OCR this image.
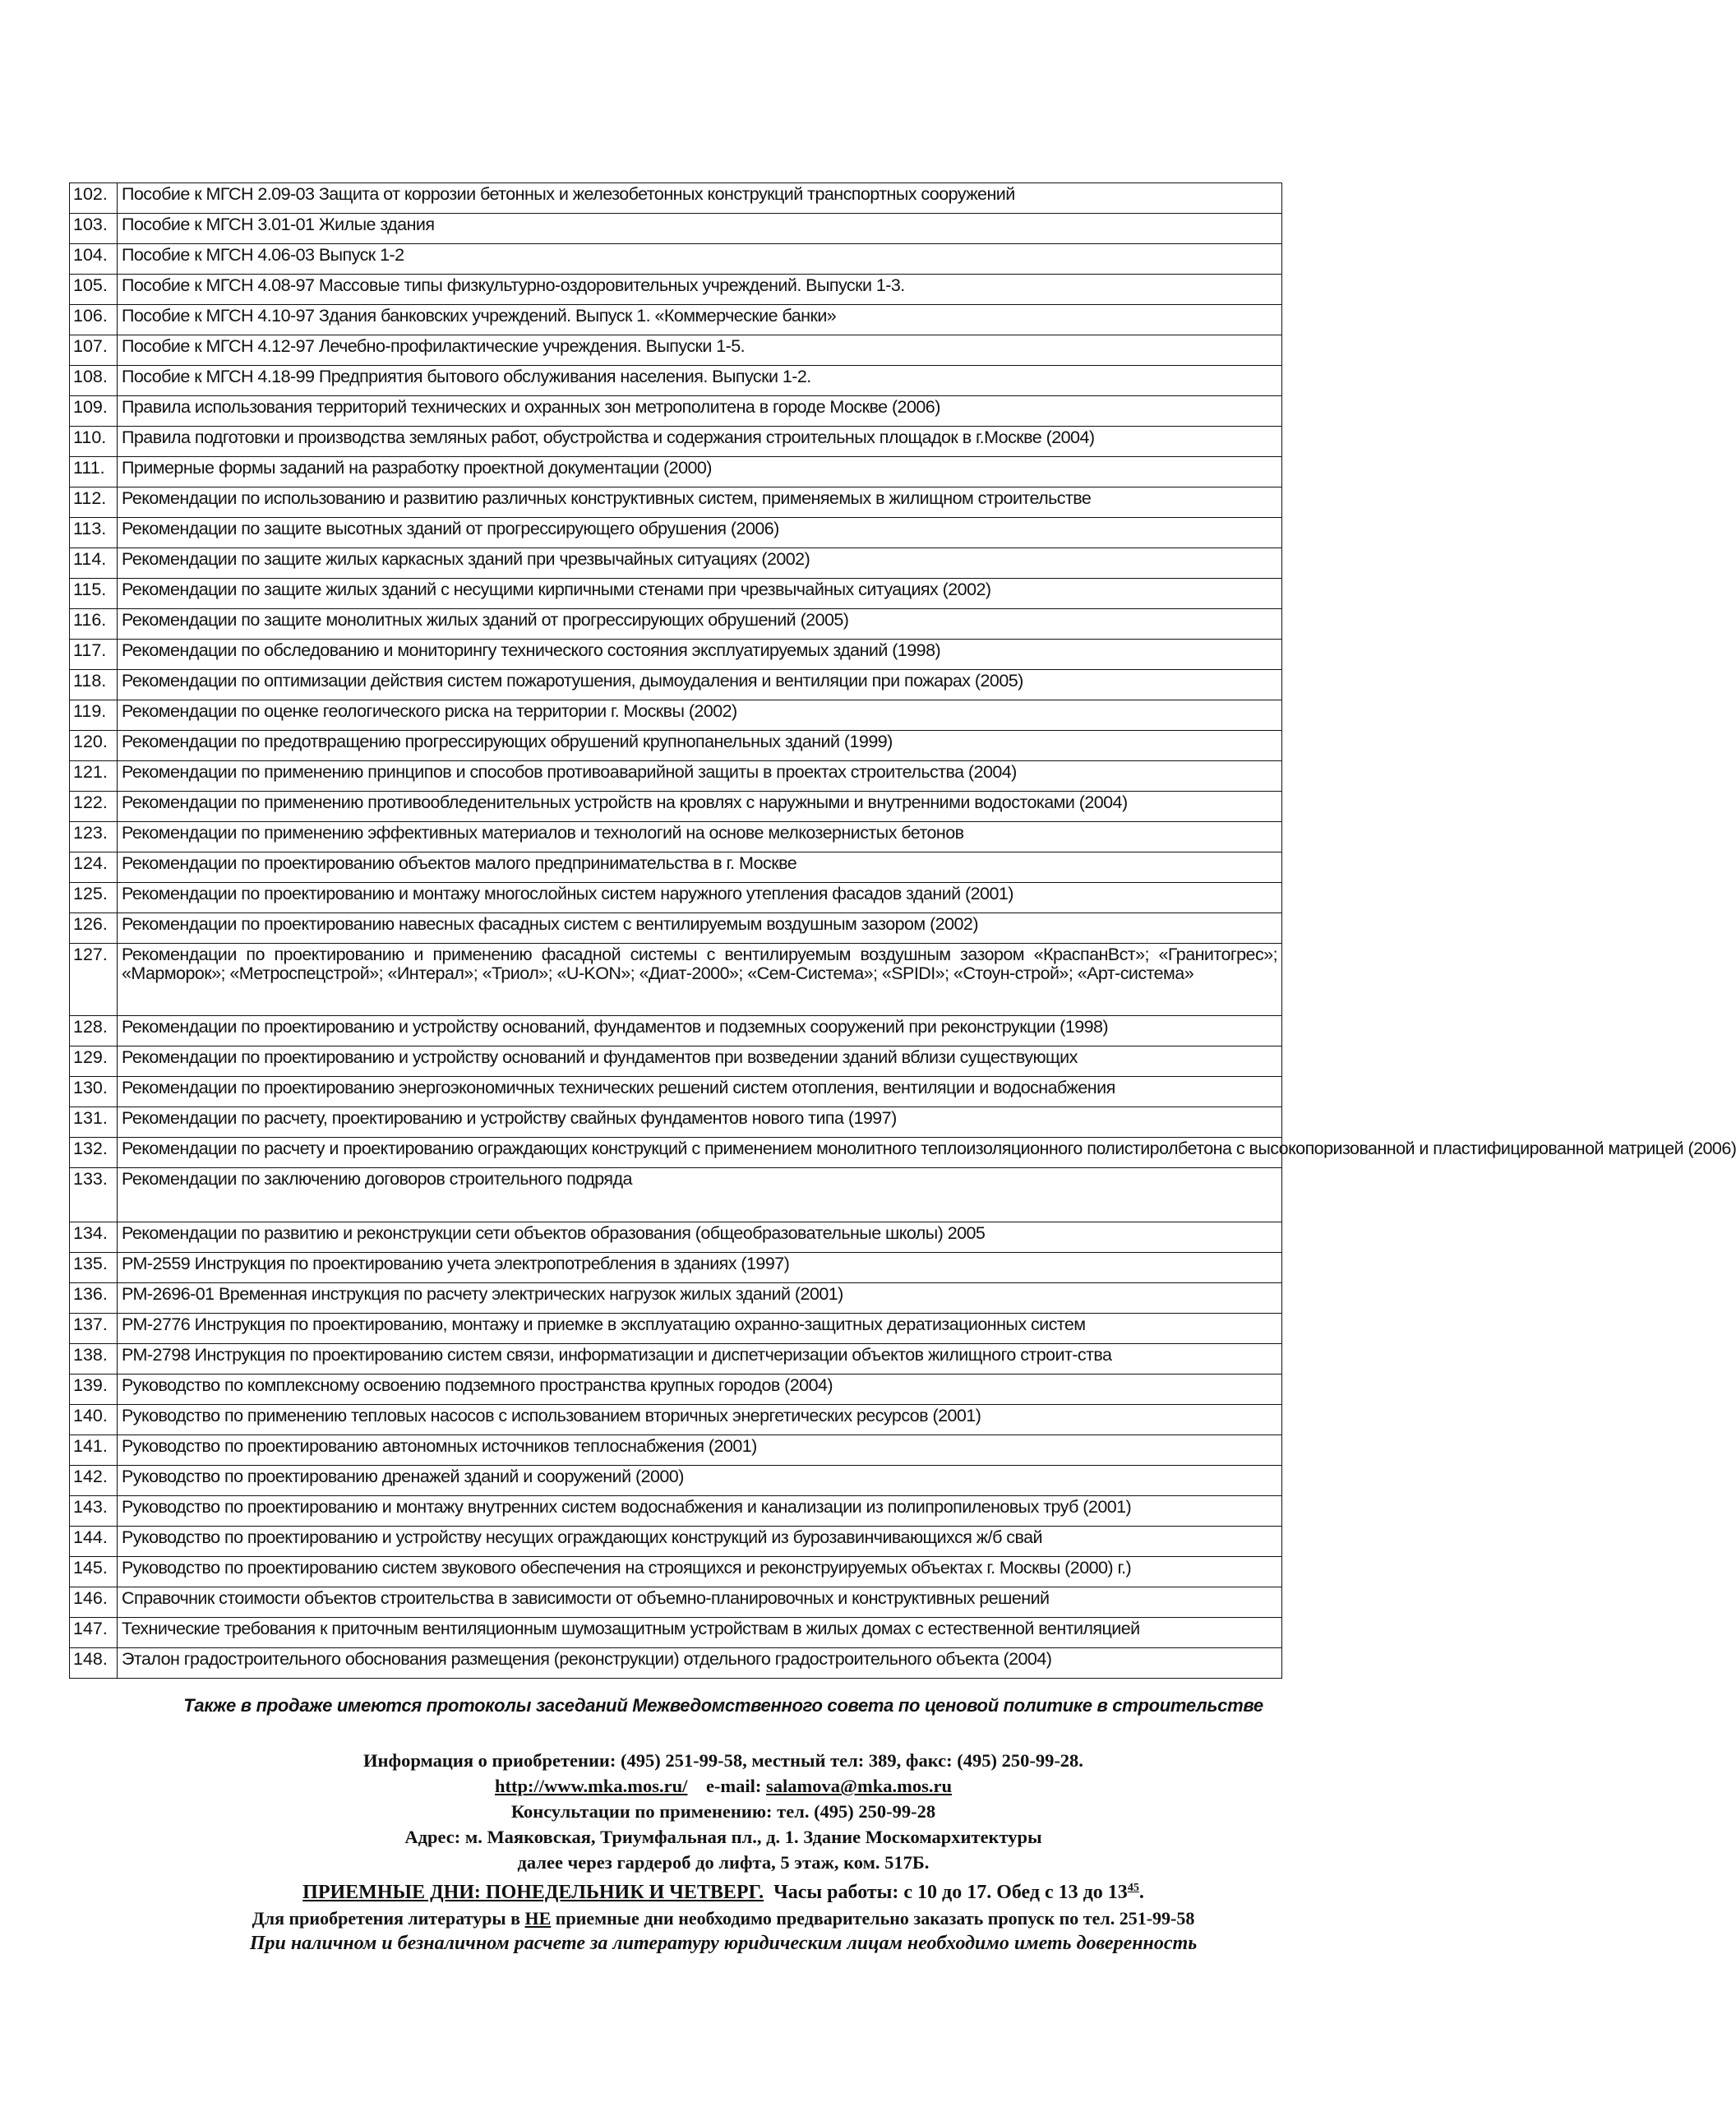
102.	Пособие к МГСН 2.09-03 Защита от коррозии бетонных и железобетонных конструкций транспортных сооружений
103.	Пособие к МГСН 3.01-01 Жилые здания
104.	Пособие к МГСН 4.06-03 Выпуск 1-2
105.	Пособие к МГСН 4.08-97 Массовые типы физкультурно-оздоровительных учреждений. Выпуски 1-3.
106.	Пособие к МГСН 4.10-97 Здания банковских учреждений. Выпуск 1. «Коммерческие банки»
107.	Пособие к МГСН 4.12-97 Лечебно-профилактические учреждения. Выпуски 1-5.
108.	Пособие к МГСН 4.18-99 Предприятия бытового обслуживания населения. Выпуски 1-2.
109.	Правила использования территорий технических и охранных зон метрополитена в городе Москве (2006)
110.	Правила подготовки и производства земляных работ, обустройства и содержания строительных площадок в г.Москве (2004)
111.	Примерные формы заданий на разработку проектной документации (2000)
112.	Рекомендации по использованию и развитию различных конструктивных систем, применяемых в жилищном строительстве
113.	Рекомендации по защите высотных зданий от прогрессирующего обрушения (2006)
114.	Рекомендации по защите жилых каркасных зданий при чрезвычайных ситуациях (2002)
115.	Рекомендации по защите жилых зданий с несущими кирпичными стенами при чрезвычайных ситуациях (2002)
116.	Рекомендации по защите монолитных жилых зданий от прогрессирующих обрушений (2005)
117.	Рекомендации по обследованию и мониторингу технического состояния эксплуатируемых зданий (1998)
118.	Рекомендации по оптимизации действия систем пожаротушения, дымоудаления и вентиляции при пожарах (2005)
119.	Рекомендации по оценке геологического риска на территории г. Москвы (2002)
120.	Рекомендации по предотвращению прогрессирующих обрушений крупнопанельных зданий (1999)
121.	Рекомендации по применению принципов и способов противоаварийной защиты в проектах строительства (2004)
122.	Рекомендации по применению противообледенительных устройств на кровлях с наружными и внутренними водостоками (2004)
123.	Рекомендации по применению эффективных материалов и технологий на основе мелкозернистых бетонов
124.	Рекомендации по проектированию объектов малого предпринимательства в г. Москве
125.	Рекомендации по проектированию и монтажу многослойных систем наружного утепления фасадов зданий (2001)
126.	Рекомендации по проектированию навесных фасадных систем с вентилируемым воздушным зазором (2002)
127.	Рекомендации по проектированию и применению фасадной системы с вентилируемым воздушным зазором «КраспанВст»; «Гранитогрес»; «Марморок»; «Метроспецстрой»; «Интерал»; «Триол»; «U-KON»; «Диат-2000»; «Сем-Система»; «SPIDI»; «Стоун-строй»; «Арт-система»
128.	Рекомендации по проектированию и устройству оснований, фундаментов и подземных сооружений при реконструкции (1998)
129.	Рекомендации по проектированию и устройству оснований и фундаментов при возведении зданий вблизи существующих
130.	Рекомендации по проектированию энергоэкономичных технических решений систем отопления, вентиляции и водоснабжения
131.	Рекомендации по расчету, проектированию и устройству свайных фундаментов нового типа (1997)
132.	Рекомендации по расчету и проектированию ограждающих конструкций с применением монолитного теплоизоляционного полистиролбетона с высокопоризованной и пластифицированной матрицей (2006)
133.	Рекомендации по заключению договоров строительного подряда
134.	Рекомендации по развитию и реконструкции сети объектов образования (общеобразовательные школы) 2005
135.	РМ-2559 Инструкция по проектированию учета электропотребления в зданиях (1997)
136.	РМ-2696-01 Временная инструкция по расчету электрических нагрузок жилых зданий (2001)
137.	РМ-2776 Инструкция по проектированию, монтажу и приемке в эксплуатацию охранно-защитных дератизационных систем
138.	РМ-2798 Инструкция по проектированию систем связи, информатизации и диспетчеризации объектов жилищного строит-ства
139.	Руководство по комплексному освоению подземного пространства крупных городов (2004)
140.	Руководство по применению тепловых насосов с использованием вторичных энергетических ресурсов (2001)
141.	Руководство по проектированию автономных источников теплоснабжения (2001)
142.	Руководство по проектированию дренажей зданий и сооружений (2000)
143.	Руководство по проектированию и монтажу внутренних систем водоснабжения и канализации из полипропиленовых труб (2001)
144.	Руководство по проектированию и устройству несущих ограждающих конструкций из бурозавинчивающихся ж/б свай
145.	Руководство по проектированию систем звукового обеспечения на строящихся и реконструируемых объектах г. Москвы (2000) г.)
146.	Справочник стоимости объектов строительства в зависимости от объемно-планировочных и конструктивных решений
147.	Технические требования к приточным вентиляционным шумозащитным устройствам в жилых домах с естественной вентиляцией
148.	Эталон градостроительного обоснования размещения (реконструкции) отдельного градостроительного объекта (2004)
Также в продаже имеются протоколы заседаний Межведомственного совета по ценовой политике в строительстве
Информация о приобретении: (495) 251-99-58, местный тел: 389, факс: (495) 250-99-28.
http://www.mka.mos.ru/ e-mail: salamova@mka.mos.ru
Консультации по применению: тел. (495) 250-99-28
Адрес: м. Маяковская, Триумфальная пл., д. 1. Здание Москомархитектуры
далее через гардероб до лифта, 5 этаж, ком. 517Б.
ПРИЕМНЫЕ ДНИ: ПОНЕДЕЛЬНИК И ЧЕТВЕРГ. Часы работы: с 10 до 17. Обед с 13 до $13^{45}$.
Для приобретения литературы в НЕ приемные дни необходимо предварительно заказать пропуск по тел. 251-99-58
При наличном и безналичном расчете за литературу юридическим лицам необходимо иметь доверенность
